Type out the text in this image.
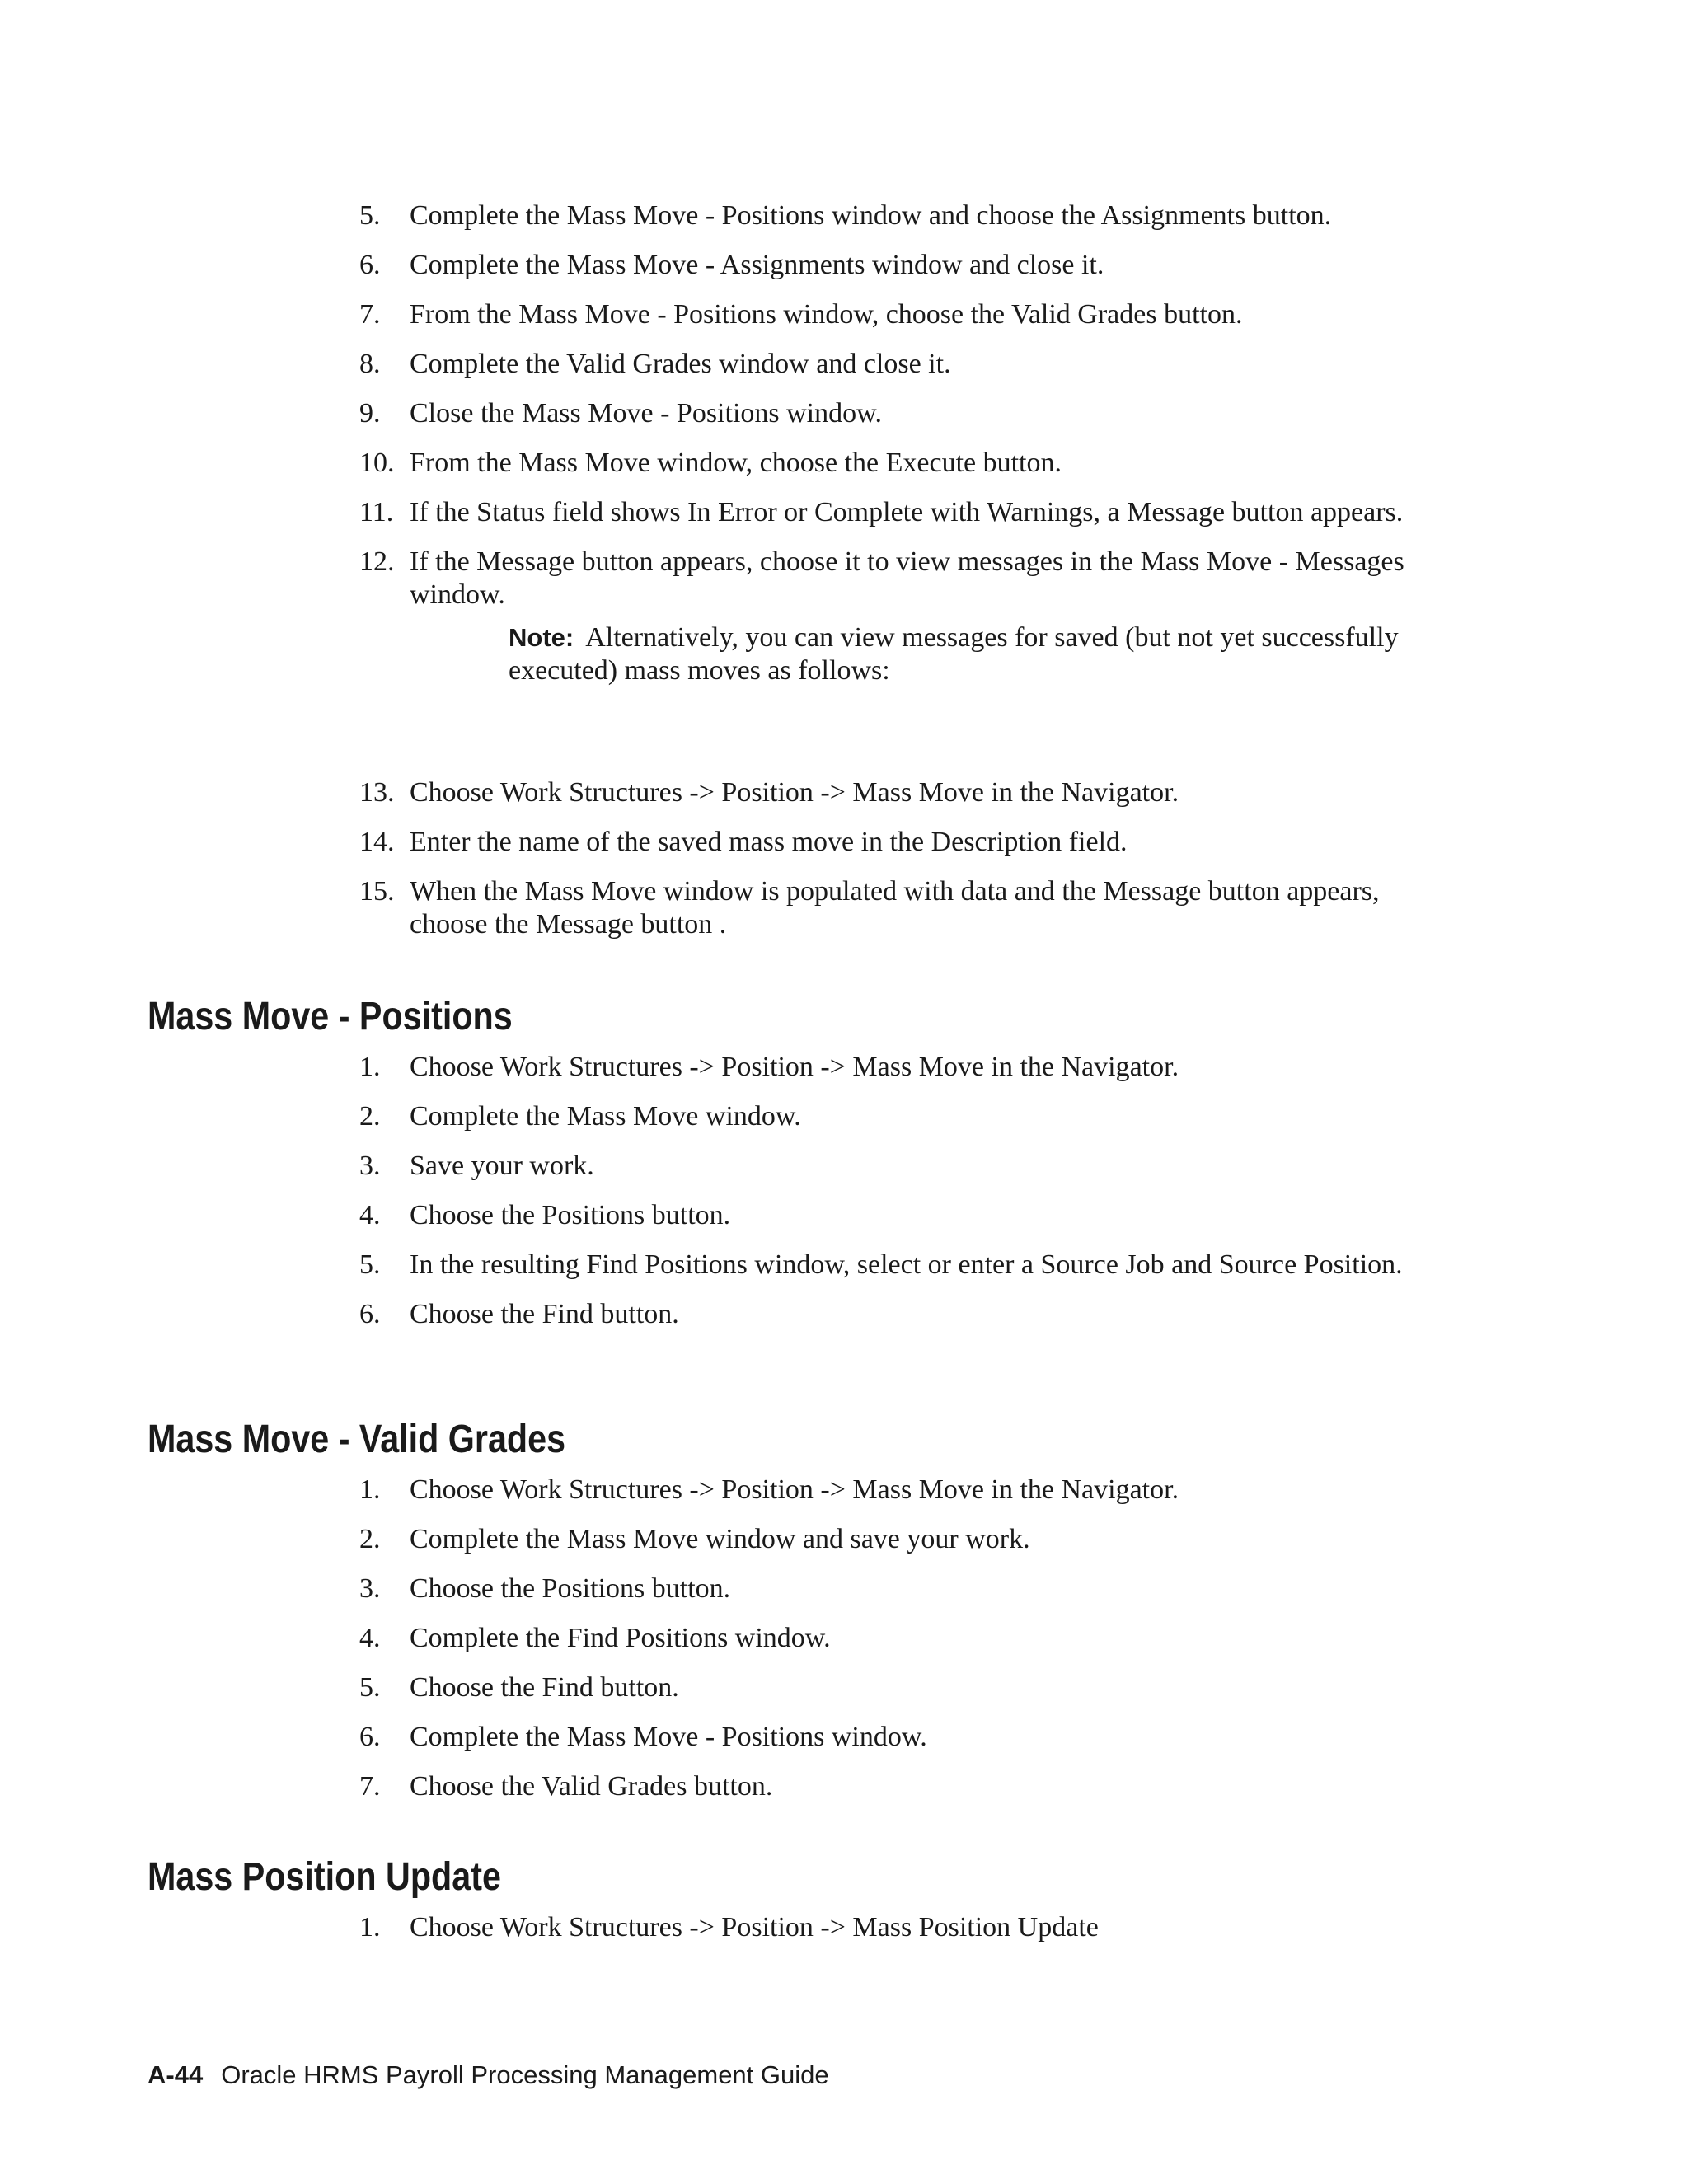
5.	Complete the Mass Move - Positions window and choose the Assignments button.
6.	Complete the Mass Move - Assignments window and close it.
7.	From the Mass Move - Positions window, choose the Valid Grades button.
8.	Complete the Valid Grades window and close it.
9.	Close the Mass Move - Positions window.
10. From the Mass Move window, choose the Execute button.
11. If the Status field shows In Error or Complete with Warnings, a Message button appears.
12. If the Message button appears, choose it to view messages in the Mass Move - Messages window.
Note: Alternatively, you can view messages for saved (but not yet successfully executed) mass moves as follows:
13. Choose Work Structures -> Position -> Mass Move in the Navigator.
14. Enter the name of the saved mass move in the Description field.
15. When the Mass Move window is populated with data and the Message button appears, choose the Message button .
Mass Move - Positions
1.	Choose Work Structures -> Position -> Mass Move in the Navigator.
2.	Complete the Mass Move window.
3.	Save your work.
4.	Choose the Positions button.
5.	In the resulting Find Positions window, select or enter a Source Job and Source Position.
6.	Choose the Find button.
Mass Move - Valid Grades
1.	Choose Work Structures -> Position -> Mass Move in the Navigator.
2.	Complete the Mass Move window and save your work.
3.	Choose the Positions button.
4.	Complete the Find Positions window.
5.	Choose the Find button.
6.	Complete the Mass Move - Positions window.
7.	Choose the Valid Grades button.
Mass Position Update
1.	Choose Work Structures -> Position -> Mass Position Update
A-44 Oracle HRMS Payroll Processing Management Guide
